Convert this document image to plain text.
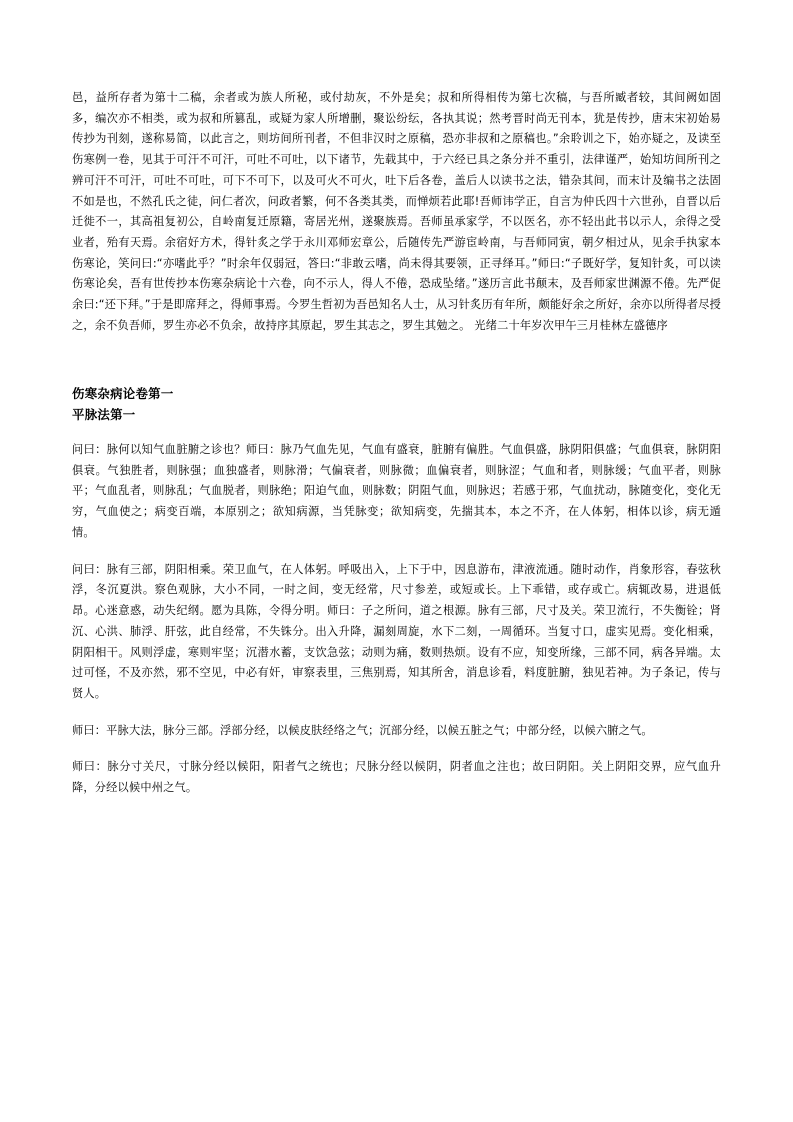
邑，益所存者为第十二稿，余者或为族人所秘，或付劫灰，不外是矣；叔和所得相传为第七次稿，与吾所臧者较，其间阙如固多，编次亦不相类，或为叔和所篡乱，或疑为家人所增删，聚讼纷纭，各执其说；然考晋时尚无刊本，犹是传抄，唐末宋初始易传抄为刊刻，遂称易简，以此言之，则坊间所刊者，不但非汉时之原稿，恐亦非叔和之原稿也。”余聆训之下，始亦疑之，及读至伤寒例一卷，见其于可汗不可汗，可吐不可吐，以下诸节，先载其中，于六经已具之条分并不重引，法律谨严，始知坊间所刊之辨可汗不可汗，可吐不可吐，可下不可下，以及可火不可火，吐下后各卷，盖后人以读书之法，错杂其间，而末计及编书之法固不如是也，不然孔氏之徒，问仁者次，问政者繁，何不各类其类，而惮烦若此耶!吾师讳学正，自言为仲氏四十六世孙，自晋以后迁徙不一，其高祖复初公，自岭南复迁原籍，寄居光州，遂聚族焉。吾师虽承家学，不以医名，亦不轻出此书以示人，余得之受业者，殆有天焉。余宿好方术，得针炙之学于永川邓师宏章公，后随传先严游宦岭南，与吾师同寅，朝夕相过从，见余手执家本伤寒论，笑问曰:“亦嗜此乎？”时余年仅弱冠，答曰:“非敢云嗜，尚未得其要领，正寻绎耳。”师曰:“子既好学，复知针炙，可以读伤寒论矣，吾有世传抄本伤寒杂病论十六卷，向不示人，得人不倦，恐成坠绪。”遂历言此书颠末，及吾师家世渊源不倦。先严促余曰:“还下拜。”于是即席拜之，得师事焉。今罗生哲初为吾邑知名人士，从习针炙历有年所，颇能好余之所好，余亦以所得者尽授之，余不负吾师，罗生亦必不负余，故持序其原起，罗生其志之，罗生其勉之。 光绪二十年岁次甲午三月桂林左盛德序
伤寒杂病论卷第一
平脉法第一
问曰：脉何以知气血脏腑之诊也？师曰：脉乃气血先见，气血有盛衰，脏腑有偏胜。气血俱盛，脉阴阳俱盛；气血俱衰，脉阴阳俱衰。气独胜者，则脉强；血独盛者，则脉滑；气偏衰者，则脉微；血偏衰者，则脉涩；气血和者，则脉缓；气血平者，则脉平；气血乱者，则脉乱；气血脱者，则脉绝；阳迫气血，则脉数；阴阻气血，则脉迟；若感于邪，气血扰动，脉随变化，变化无穷，气血使之；病变百端，本原别之；欲知病源，当凭脉变；欲知病变，先揣其本，本之不齐，在人体躬，相体以诊，病无遁情。
问曰：脉有三部，阴阳相乘。荣卫血气，在人体躬。呼吸出入，上下于中，因息游布，津液流通。随时动作，肖象形容，春弦秋浮，冬沉夏洪。察色观脉，大小不同，一时之间，变无经常，尺寸参差，或短或长。上下乖错，或存或亡。病辄改易，进退低昂。心迷意惑，动失纪纲。愿为具陈，令得分明。师曰：子之所问，道之根源。脉有三部，尺寸及关。荣卫流行，不失衡铨；肾沉、心洪、肺浮、肝弦，此自经常，不失铢分。出入升降，漏刻周旋，水下二刻，一周循环。当复寸口，虚实见焉。变化相乘，阴阳相干。风则浮虚，寒则牢坚；沉潜水蓄，支饮急弦；动则为痛，数则热烦。设有不应，知变所缘，三部不同，病各异端。太过可怪，不及亦然，邪不空见，中必有奸，审察表里，三焦别焉，知其所舍，消息诊看，料度脏腑，独见若神。为子条记，传与贤人。
师曰：平脉大法，脉分三部。浮部分经，以候皮肤经络之气；沉部分经，以候五脏之气；中部分经，以候六腑之气。
师曰：脉分寸关尺，寸脉分经以候阳，阳者气之统也；尺脉分经以候阴，阴者血之注也；故曰阴阳。关上阴阳交界，应气血升降，分经以候中州之气。
